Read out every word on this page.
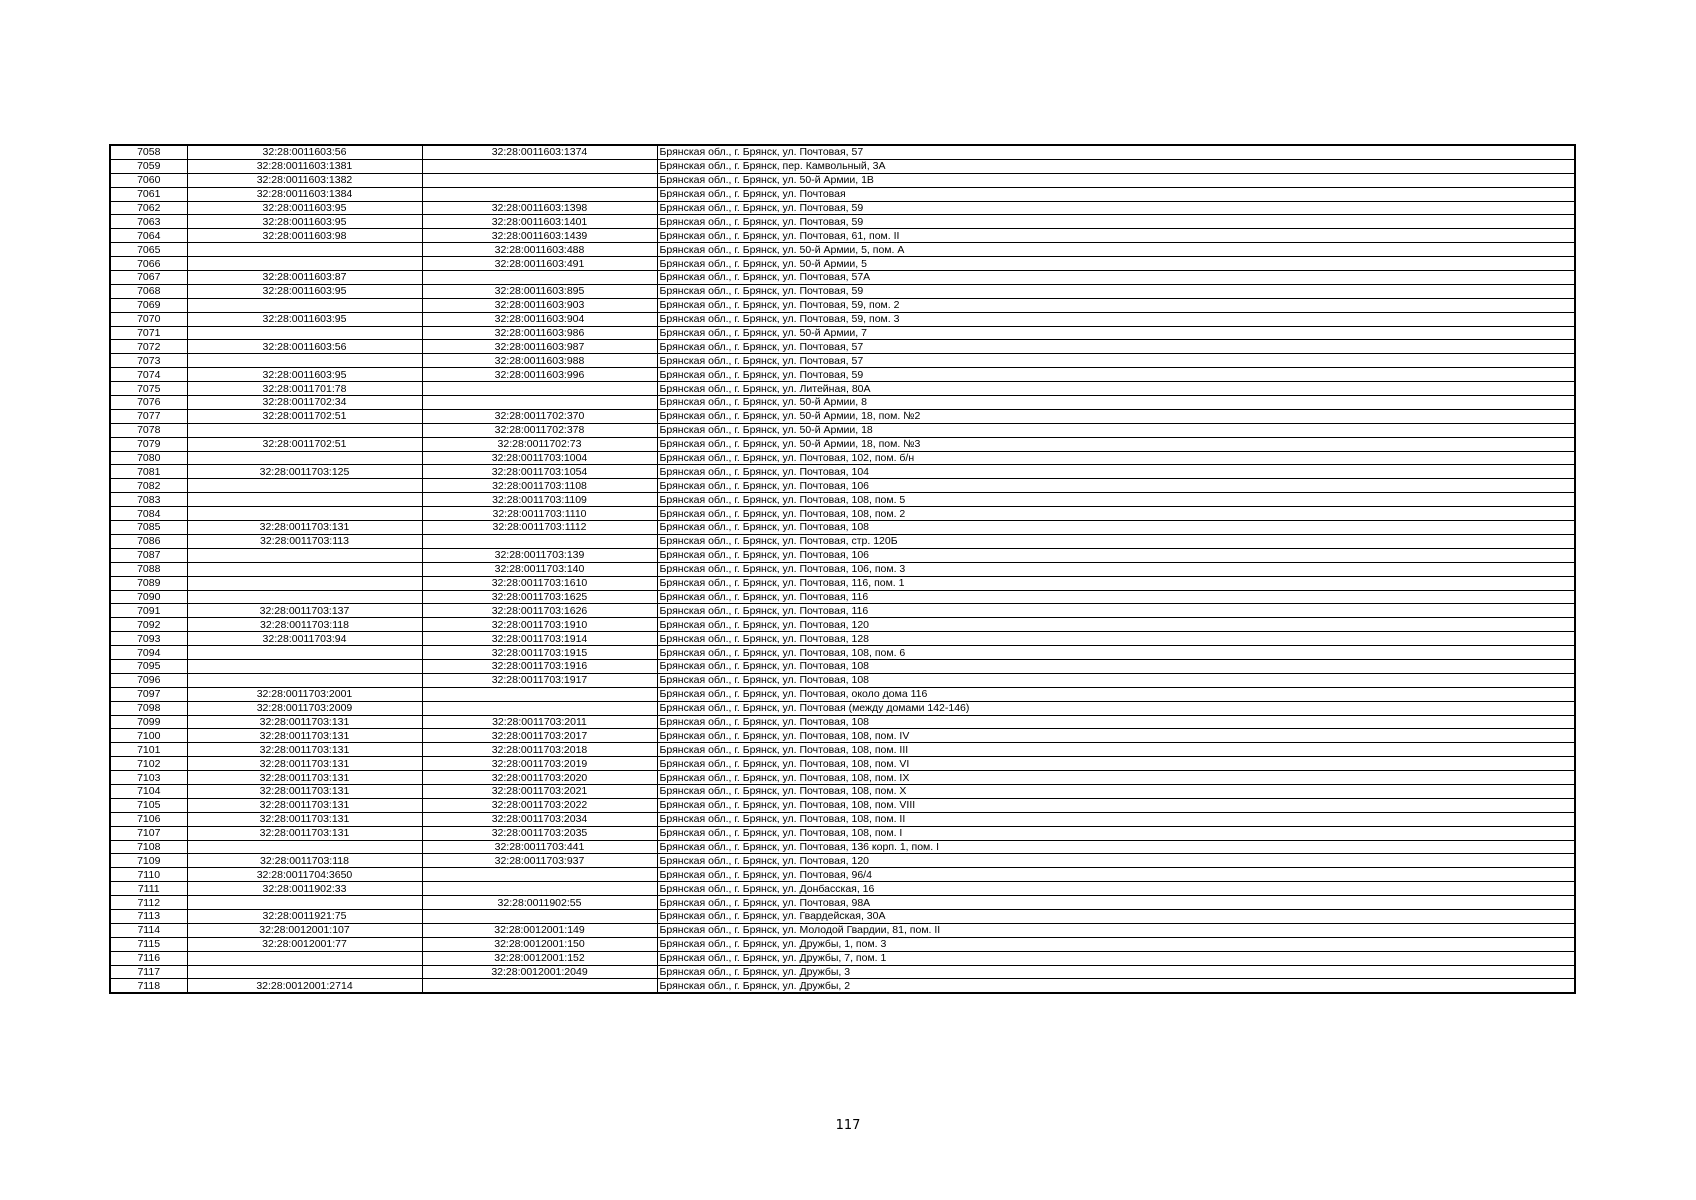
7058	32:28:0011603:56	32:28:0011603:1374	Брянская обл., г. Брянск, ул. Почтовая, 57
7059	32:28:0011603:1381		Брянская обл., г. Брянск, пер. Камвольный, 3А
7060	32:28:0011603:1382		Брянская обл., г. Брянск, ул. 50-й Армии, 1В
7061	32:28:0011603:1384		Брянская обл., г. Брянск, ул. Почтовая
7062	32:28:0011603:95	32:28:0011603:1398	Брянская обл., г. Брянск, ул. Почтовая, 59
7063	32:28:0011603:95	32:28:0011603:1401	Брянская обл., г. Брянск, ул. Почтовая, 59
7064	32:28:0011603:98	32:28:0011603:1439	Брянская обл., г. Брянск, ул. Почтовая, 61, пом. II
7065		32:28:0011603:488	Брянская обл., г. Брянск, ул. 50-й Армии, 5, пом. А
7066		32:28:0011603:491	Брянская обл., г. Брянск, ул. 50-й Армии, 5
7067	32:28:0011603:87		Брянская обл., г. Брянск, ул. Почтовая, 57А
7068	32:28:0011603:95	32:28:0011603:895	Брянская обл., г. Брянск, ул. Почтовая, 59
7069		32:28:0011603:903	Брянская обл., г. Брянск, ул. Почтовая, 59, пом. 2
7070	32:28:0011603:95	32:28:0011603:904	Брянская обл., г. Брянск, ул. Почтовая, 59, пом. 3
7071		32:28:0011603:986	Брянская обл., г. Брянск, ул. 50-й Армии, 7
7072	32:28:0011603:56	32:28:0011603:987	Брянская обл., г. Брянск, ул. Почтовая, 57
7073		32:28:0011603:988	Брянская обл., г. Брянск, ул. Почтовая, 57
7074	32:28:0011603:95	32:28:0011603:996	Брянская обл., г. Брянск, ул. Почтовая, 59
7075	32:28:0011701:78		Брянская обл., г. Брянск, ул. Литейная, 80А
7076	32:28:0011702:34		Брянская обл., г. Брянск, ул. 50-й Армии, 8
7077	32:28:0011702:51	32:28:0011702:370	Брянская обл., г. Брянск, ул. 50-й Армии, 18, пом. №2
7078		32:28:0011702:378	Брянская обл., г. Брянск, ул. 50-й Армии, 18
7079	32:28:0011702:51	32:28:0011702:73	Брянская обл., г. Брянск, ул. 50-й Армии, 18, пом. №3
7080		32:28:0011703:1004	Брянская обл., г. Брянск, ул. Почтовая, 102, пом. б/н
7081	32:28:0011703:125	32:28:0011703:1054	Брянская обл., г. Брянск, ул. Почтовая, 104
7082		32:28:0011703:1108	Брянская обл., г. Брянск, ул. Почтовая, 106
7083		32:28:0011703:1109	Брянская обл., г. Брянск, ул. Почтовая, 108, пом. 5
7084		32:28:0011703:1110	Брянская обл., г. Брянск, ул. Почтовая, 108, пом. 2
7085	32:28:0011703:131	32:28:0011703:1112	Брянская обл., г. Брянск, ул. Почтовая, 108
7086	32:28:0011703:113		Брянская обл., г. Брянск, ул. Почтовая, стр. 120Б
7087		32:28:0011703:139	Брянская обл., г. Брянск, ул. Почтовая, 106
7088		32:28:0011703:140	Брянская обл., г. Брянск, ул. Почтовая, 106, пом. 3
7089		32:28:0011703:1610	Брянская обл., г. Брянск, ул. Почтовая, 116, пом. 1
7090		32:28:0011703:1625	Брянская обл., г. Брянск, ул. Почтовая, 116
7091	32:28:0011703:137	32:28:0011703:1626	Брянская обл., г. Брянск, ул. Почтовая, 116
7092	32:28:0011703:118	32:28:0011703:1910	Брянская обл., г. Брянск, ул. Почтовая, 120
7093	32:28:0011703:94	32:28:0011703:1914	Брянская обл., г. Брянск, ул. Почтовая, 128
7094		32:28:0011703:1915	Брянская обл., г. Брянск, ул. Почтовая, 108, пом. 6
7095		32:28:0011703:1916	Брянская обл., г. Брянск, ул. Почтовая, 108
7096		32:28:0011703:1917	Брянская обл., г. Брянск, ул. Почтовая, 108
7097	32:28:0011703:2001		Брянская обл., г. Брянск, ул. Почтовая, около дома 116
7098	32:28:0011703:2009		Брянская обл., г. Брянск, ул. Почтовая (между домами 142-146)
7099	32:28:0011703:131	32:28:0011703:2011	Брянская обл., г. Брянск, ул. Почтовая, 108
7100	32:28:0011703:131	32:28:0011703:2017	Брянская обл., г. Брянск, ул. Почтовая, 108, пом. IV
7101	32:28:0011703:131	32:28:0011703:2018	Брянская обл., г. Брянск, ул. Почтовая, 108, пом. III
7102	32:28:0011703:131	32:28:0011703:2019	Брянская обл., г. Брянск, ул. Почтовая, 108, пом. VI
7103	32:28:0011703:131	32:28:0011703:2020	Брянская обл., г. Брянск, ул. Почтовая, 108, пом. IX
7104	32:28:0011703:131	32:28:0011703:2021	Брянская обл., г. Брянск, ул. Почтовая, 108, пом. X
7105	32:28:0011703:131	32:28:0011703:2022	Брянская обл., г. Брянск, ул. Почтовая, 108, пом. VIII
7106	32:28:0011703:131	32:28:0011703:2034	Брянская обл., г. Брянск, ул. Почтовая, 108, пом. II
7107	32:28:0011703:131	32:28:0011703:2035	Брянская обл., г. Брянск, ул. Почтовая, 108, пом. I
7108		32:28:0011703:441	Брянская обл., г. Брянск, ул. Почтовая, 136 корп. 1, пом. I
7109	32:28:0011703:118	32:28:0011703:937	Брянская обл., г. Брянск, ул. Почтовая, 120
7110	32:28:0011704:3650		Брянская обл., г. Брянск, ул. Почтовая, 96/4
7111	32:28:0011902:33		Брянская обл., г. Брянск, ул. Донбасская, 16
7112		32:28:0011902:55	Брянская обл., г. Брянск, ул. Почтовая, 98А
7113	32:28:0011921:75		Брянская обл., г. Брянск, ул. Гвардейская, 30А
7114	32:28:0012001:107	32:28:0012001:149	Брянская обл., г. Брянск, ул. Молодой Гвардии, 81, пом. II
7115	32:28:0012001:77	32:28:0012001:150	Брянская обл., г. Брянск, ул. Дружбы, 1, пом. 3
7116		32:28:0012001:152	Брянская обл., г. Брянск, ул. Дружбы, 7, пом. 1
7117		32:28:0012001:2049	Брянская обл., г. Брянск, ул. Дружбы, 3
7118	32:28:0012001:2714		Брянская обл., г. Брянск, ул. Дружбы, 2
117
